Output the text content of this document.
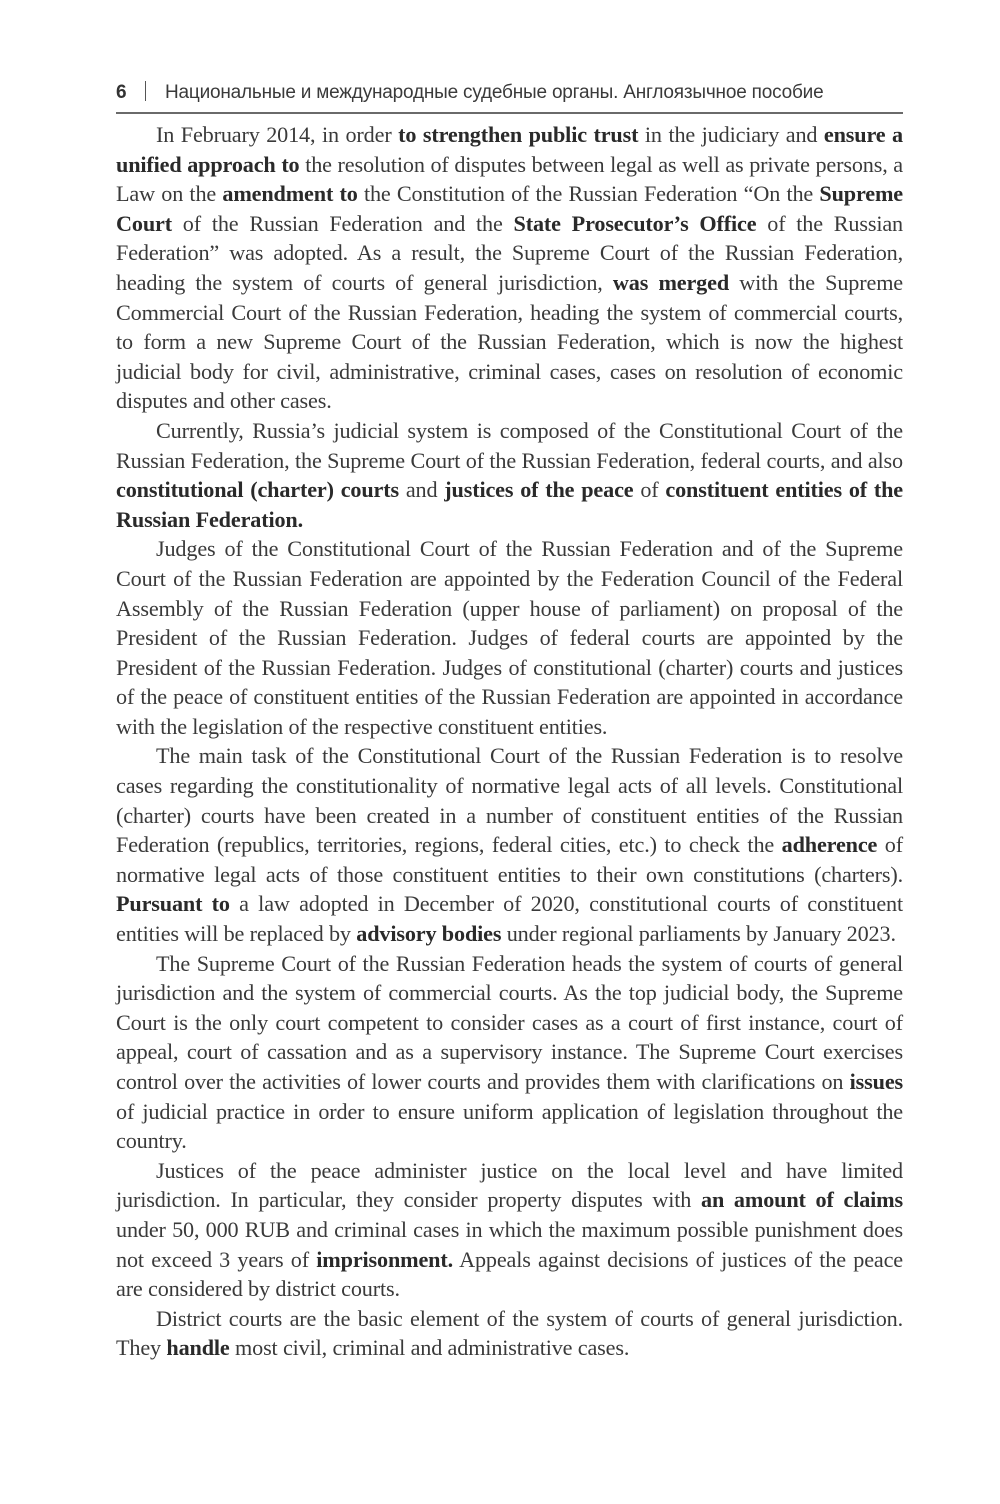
6 Национальные и международные судебные органы. Англоязычное пособие

In February 2014, in order to strengthen public trust in the judiciary and ensure a unified approach to the resolution of disputes between legal as well as private persons, a Law on the amendment to the Constitution of the Russian Federation “On the Supreme Court of the Russian Federation and the State Prosecutor’s Office of the Russian Federation” was adopted. As a result, the Supreme Court of the Russian Federation, heading the system of courts of general jurisdiction, was merged with the Supreme Commercial Court of the Russian Federation, heading the system of commercial courts, to form a new Supreme Court of the Russian Federation, which is now the highest judicial body for civil, administrative, criminal cases, cases on resolution of economic disputes and other cases.

Currently, Russia’s judicial system is composed of the Constitutional Court of the Russian Federation, the Supreme Court of the Russian Federation, federal courts, and also constitutional (charter) courts and justices of the peace of constituent entities of the Russian Federation.

Judges of the Constitutional Court of the Russian Federation and of the Supreme Court of the Russian Federation are appointed by the Federation Council of the Federal Assembly of the Russian Federation (upper house of parliament) on proposal of the President of the Russian Federation. Judges of federal courts are appointed by the President of the Russian Federation. Judges of constitutional (charter) courts and justices of the peace of constituent entities of the Russian Federation are appointed in accordance with the legislation of the respective constituent entities.

The main task of the Constitutional Court of the Russian Federation is to resolve cases regarding the constitutionality of normative legal acts of all levels. Constitutional (charter) courts have been created in a number of constituent entities of the Russian Federation (republics, territories, regions, federal cities, etc.) to check the adherence of normative legal acts of those constituent entities to their own constitutions (charters). Pursuant to a law adopted in December of 2020, constitutional courts of constituent entities will be replaced by advisory bodies under regional parliaments by January 2023.

The Supreme Court of the Russian Federation heads the system of courts of general jurisdiction and the system of commercial courts. As the top judicial body, the Supreme Court is the only court competent to consider cases as a court of first instance, court of appeal, court of cassation and as a supervisory instance. The Supreme Court exercises control over the activities of lower courts and provides them with clarifications on issues of judicial practice in order to ensure uniform application of legislation throughout the country.

Justices of the peace administer justice on the local level and have limited jurisdiction. In particular, they consider property disputes with an amount of claims under 50, 000 RUB and criminal cases in which the maximum possible punishment does not exceed 3 years of imprisonment. Appeals against decisions of justices of the peace are considered by district courts.

District courts are the basic element of the system of courts of general jurisdiction. They handle most civil, criminal and administrative cases.
